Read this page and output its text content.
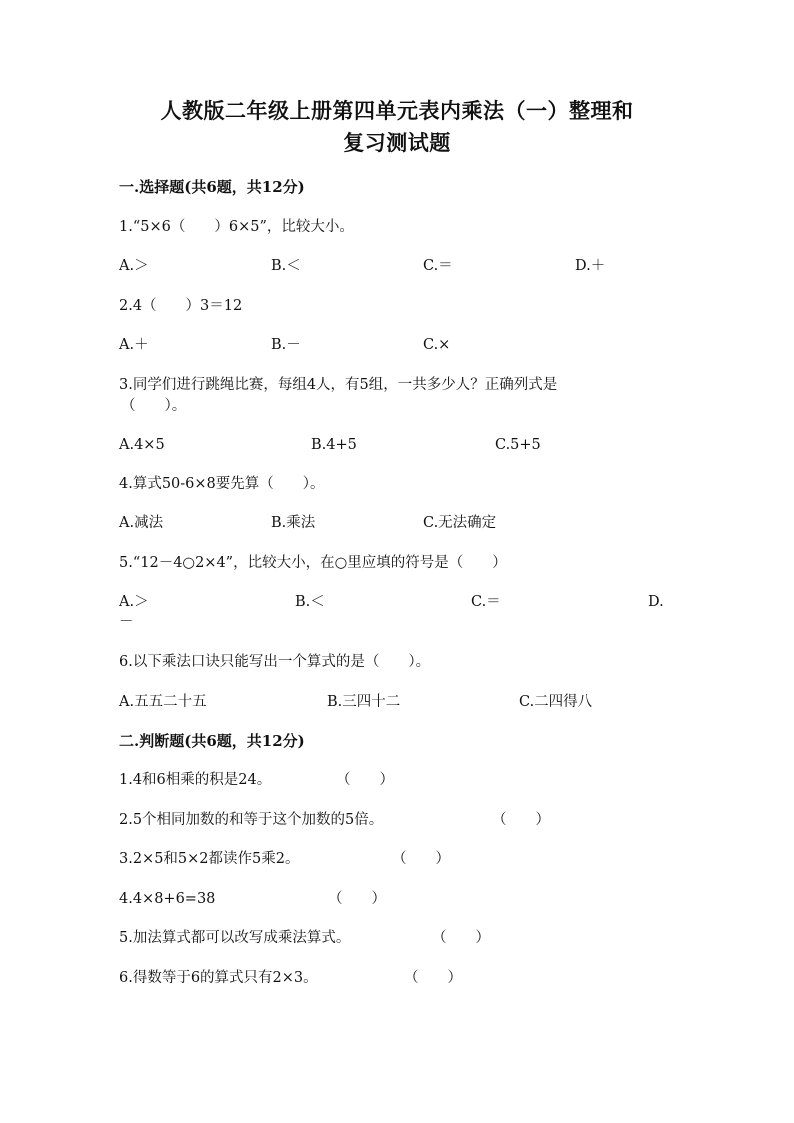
人教版二年级上册第四单元表内乘法（一）整理和
复习测试题
一.选择题(共6题，共12分)
1.“5×6（　　）6×5”，比较大小。
A.＞	B.＜	C.＝	D.＋
2.4（　　）3＝12
A.＋	B.－	C.×
3.同学们进行跳绳比赛，每组4人，有5组，一共多少人？正确列式是
（　　）。
A.4×5	B.4+5	C.5+5
4.算式50-6×8要先算（　　）。
A.减法	B.乘法	C.无法确定
5.“12－4○2×4”，比较大小，在○里应填的符号是（　　）
A.＞	B.＜	C.＝	D.
－
6.以下乘法口诀只能写出一个算式的是（　　）。
A.五五二十五	B.三四十二	C.二四得八
二.判断题(共6题，共12分)
1.4和6相乘的积是24。	（　　）
2.5个相同加数的和等于这个加数的5倍。	（　　）
3.2×5和5×2都读作5乘2。	（　　）
4.4×8+6=38	（　　）
5.加法算式都可以改写成乘法算式。	（　　）
6.得数等于6的算式只有2×3。	（　　）
